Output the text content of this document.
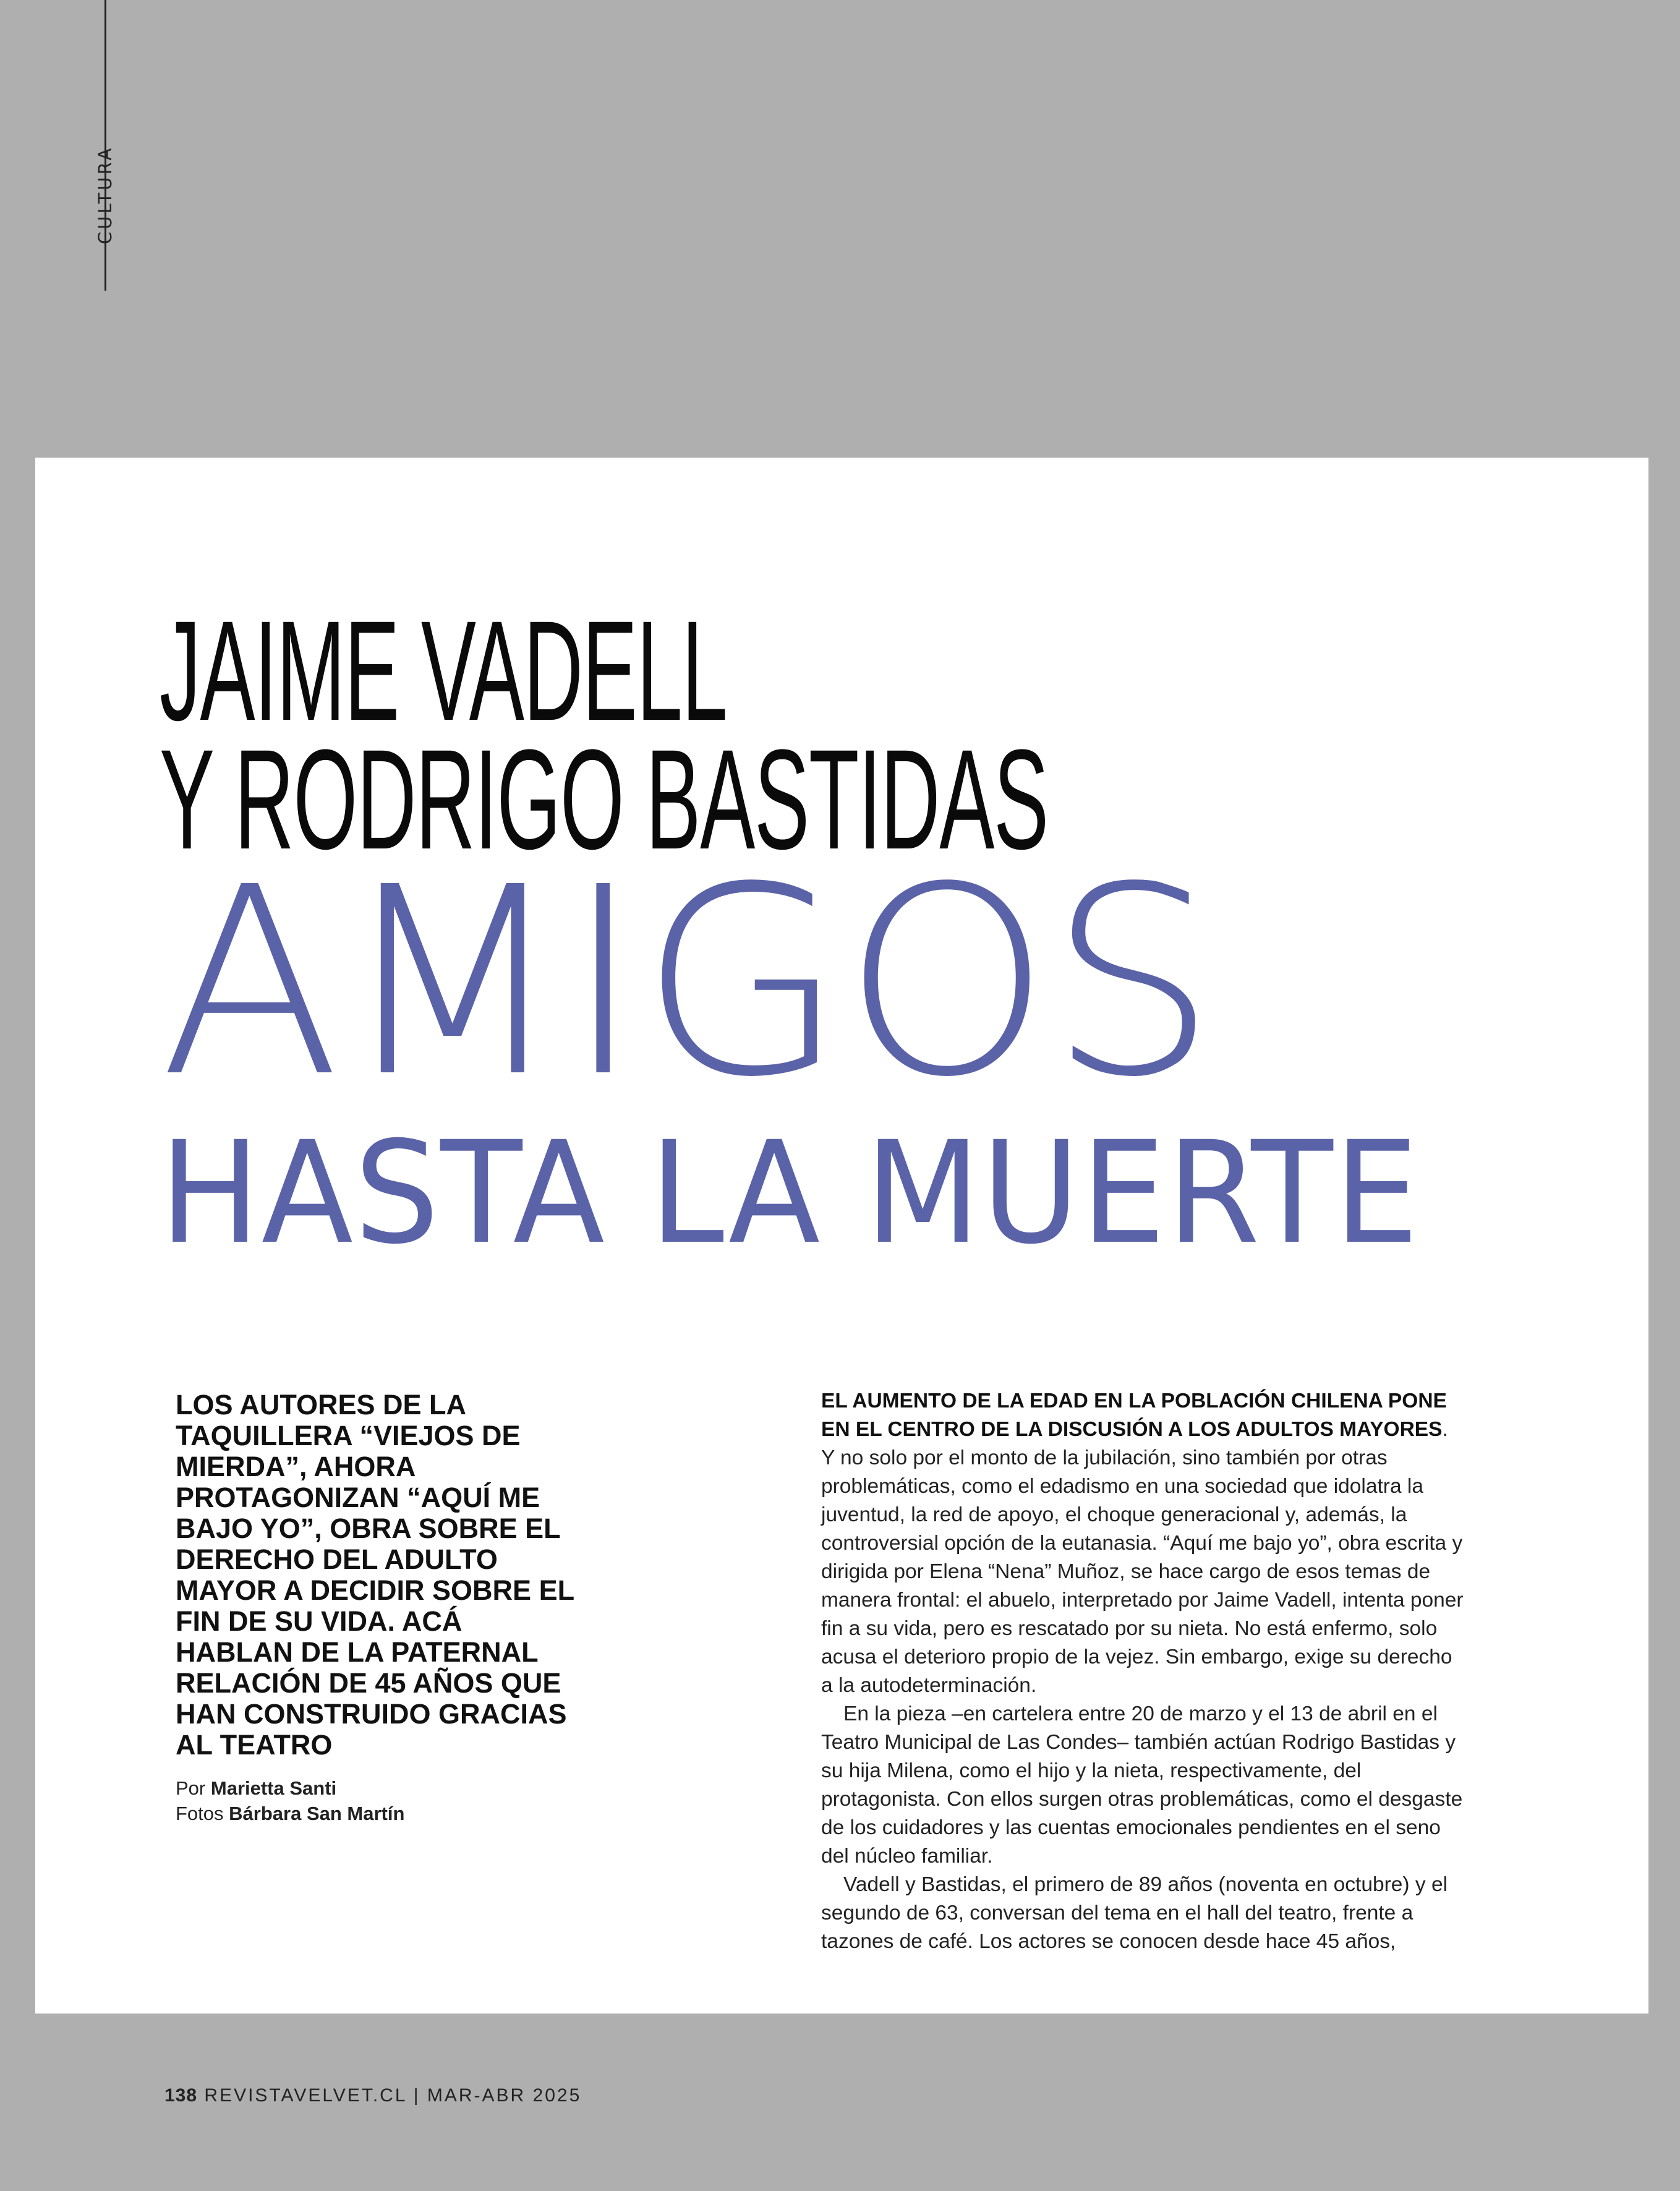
CULTURA
JAIME VADELL
Y RODRIGO BASTIDAS
AMIGOS
HASTA LA MUERTE

LOS AUTORES DE LA TAQUILLERA “VIEJOS DE MIERDA”, AHORA PROTAGONIZAN “AQUÍ ME BAJO YO”, OBRA SOBRE EL DERECHO DEL ADULTO MAYOR A DECIDIR SOBRE EL FIN DE SU VIDA. ACÁ HABLAN DE LA PATERNAL RELACIÓN DE 45 AÑOS QUE HAN CONSTRUIDO GRACIAS AL TEATRO

Por Marietta Santi
Fotos Bárbara San Martín

EL AUMENTO DE LA EDAD EN LA POBLACIÓN CHILENA PONE EN EL CENTRO DE LA DISCUSIÓN A LOS ADULTOS MAYORES. Y no solo por el monto de la jubilación, sino también por otras problemáticas, como el edadismo en una sociedad que idolatra la juventud, la red de apoyo, el choque generacional y, además, la controversial opción de la eutanasia. “Aquí me bajo yo”, obra escrita y dirigida por Elena “Nena” Muñoz, se hace cargo de esos temas de manera frontal: el abuelo, interpretado por Jaime Vadell, intenta poner fin a su vida, pero es rescatado por su nieta. No está enfermo, solo acusa el deterioro propio de la vejez. Sin embargo, exige su derecho a la autodeterminación.

En la pieza –en cartelera entre 20 de marzo y el 13 de abril en el Teatro Municipal de Las Condes– también actúan Rodrigo Bastidas y su hija Milena, como el hijo y la nieta, respectivamente, del protagonista. Con ellos surgen otras problemáticas, como el desgaste de los cuidadores y las cuentas emocionales pendientes en el seno del núcleo familiar.

Vadell y Bastidas, el primero de 89 años (noventa en octubre) y el segundo de 63, conversan del tema en el hall del teatro, frente a tazones de café. Los actores se conocen desde hace 45 años,

138 REVISTAVELVET.CL | MAR-ABR 2025
